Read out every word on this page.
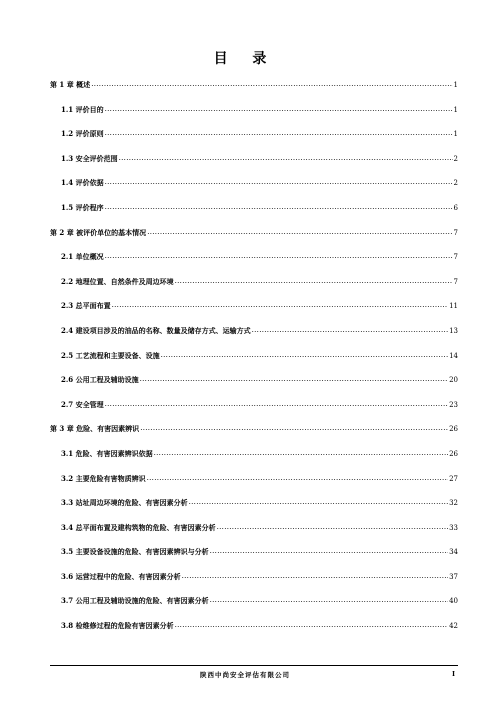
目 录
第 1 章 概述 .....	1
1.1 评价目的 .....	1
1.2 评价原则 .....	1
1.3 安全评价范围 .....	2
1.4 评价依据 .....	2
1.5 评价程序 .....	6
第 2 章 被评价单位的基本情况 .....	7
2.1 单位概况 .....	7
2.2 地理位置、自然条件及周边环境 .....	7
2.3 总平面布置 .....	11
2.4 建设项目涉及的油品的名称、数量及储存方式、运输方式 .....	13
2.5 工艺流程和主要设备、设施 .....	14
2.6 公用工程及辅助设施 .....	20
2.7 安全管理 .....	23
第 3 章 危险、有害因素辨识 .....	26
3.1 危险、有害因素辨识依据 .....	26
3.2 主要危险有害物质辨识 .....	27
3.3 站址周边环境的危险、有害因素分析 .....	32
3.4 总平面布置及建构筑物的危险、有害因素分析 .....	33
3.5 主要设备设施的危险、有害因素辨识与分析 .....	34
3.6 运营过程中的危险、有害因素分析 .....	37
3.7 公用工程及辅助设施的危险、有害因素分析 .....	40
3.8 检维修过程的危险有害因素分析 .....	42
陕西中尚安全评估有限公司	I
